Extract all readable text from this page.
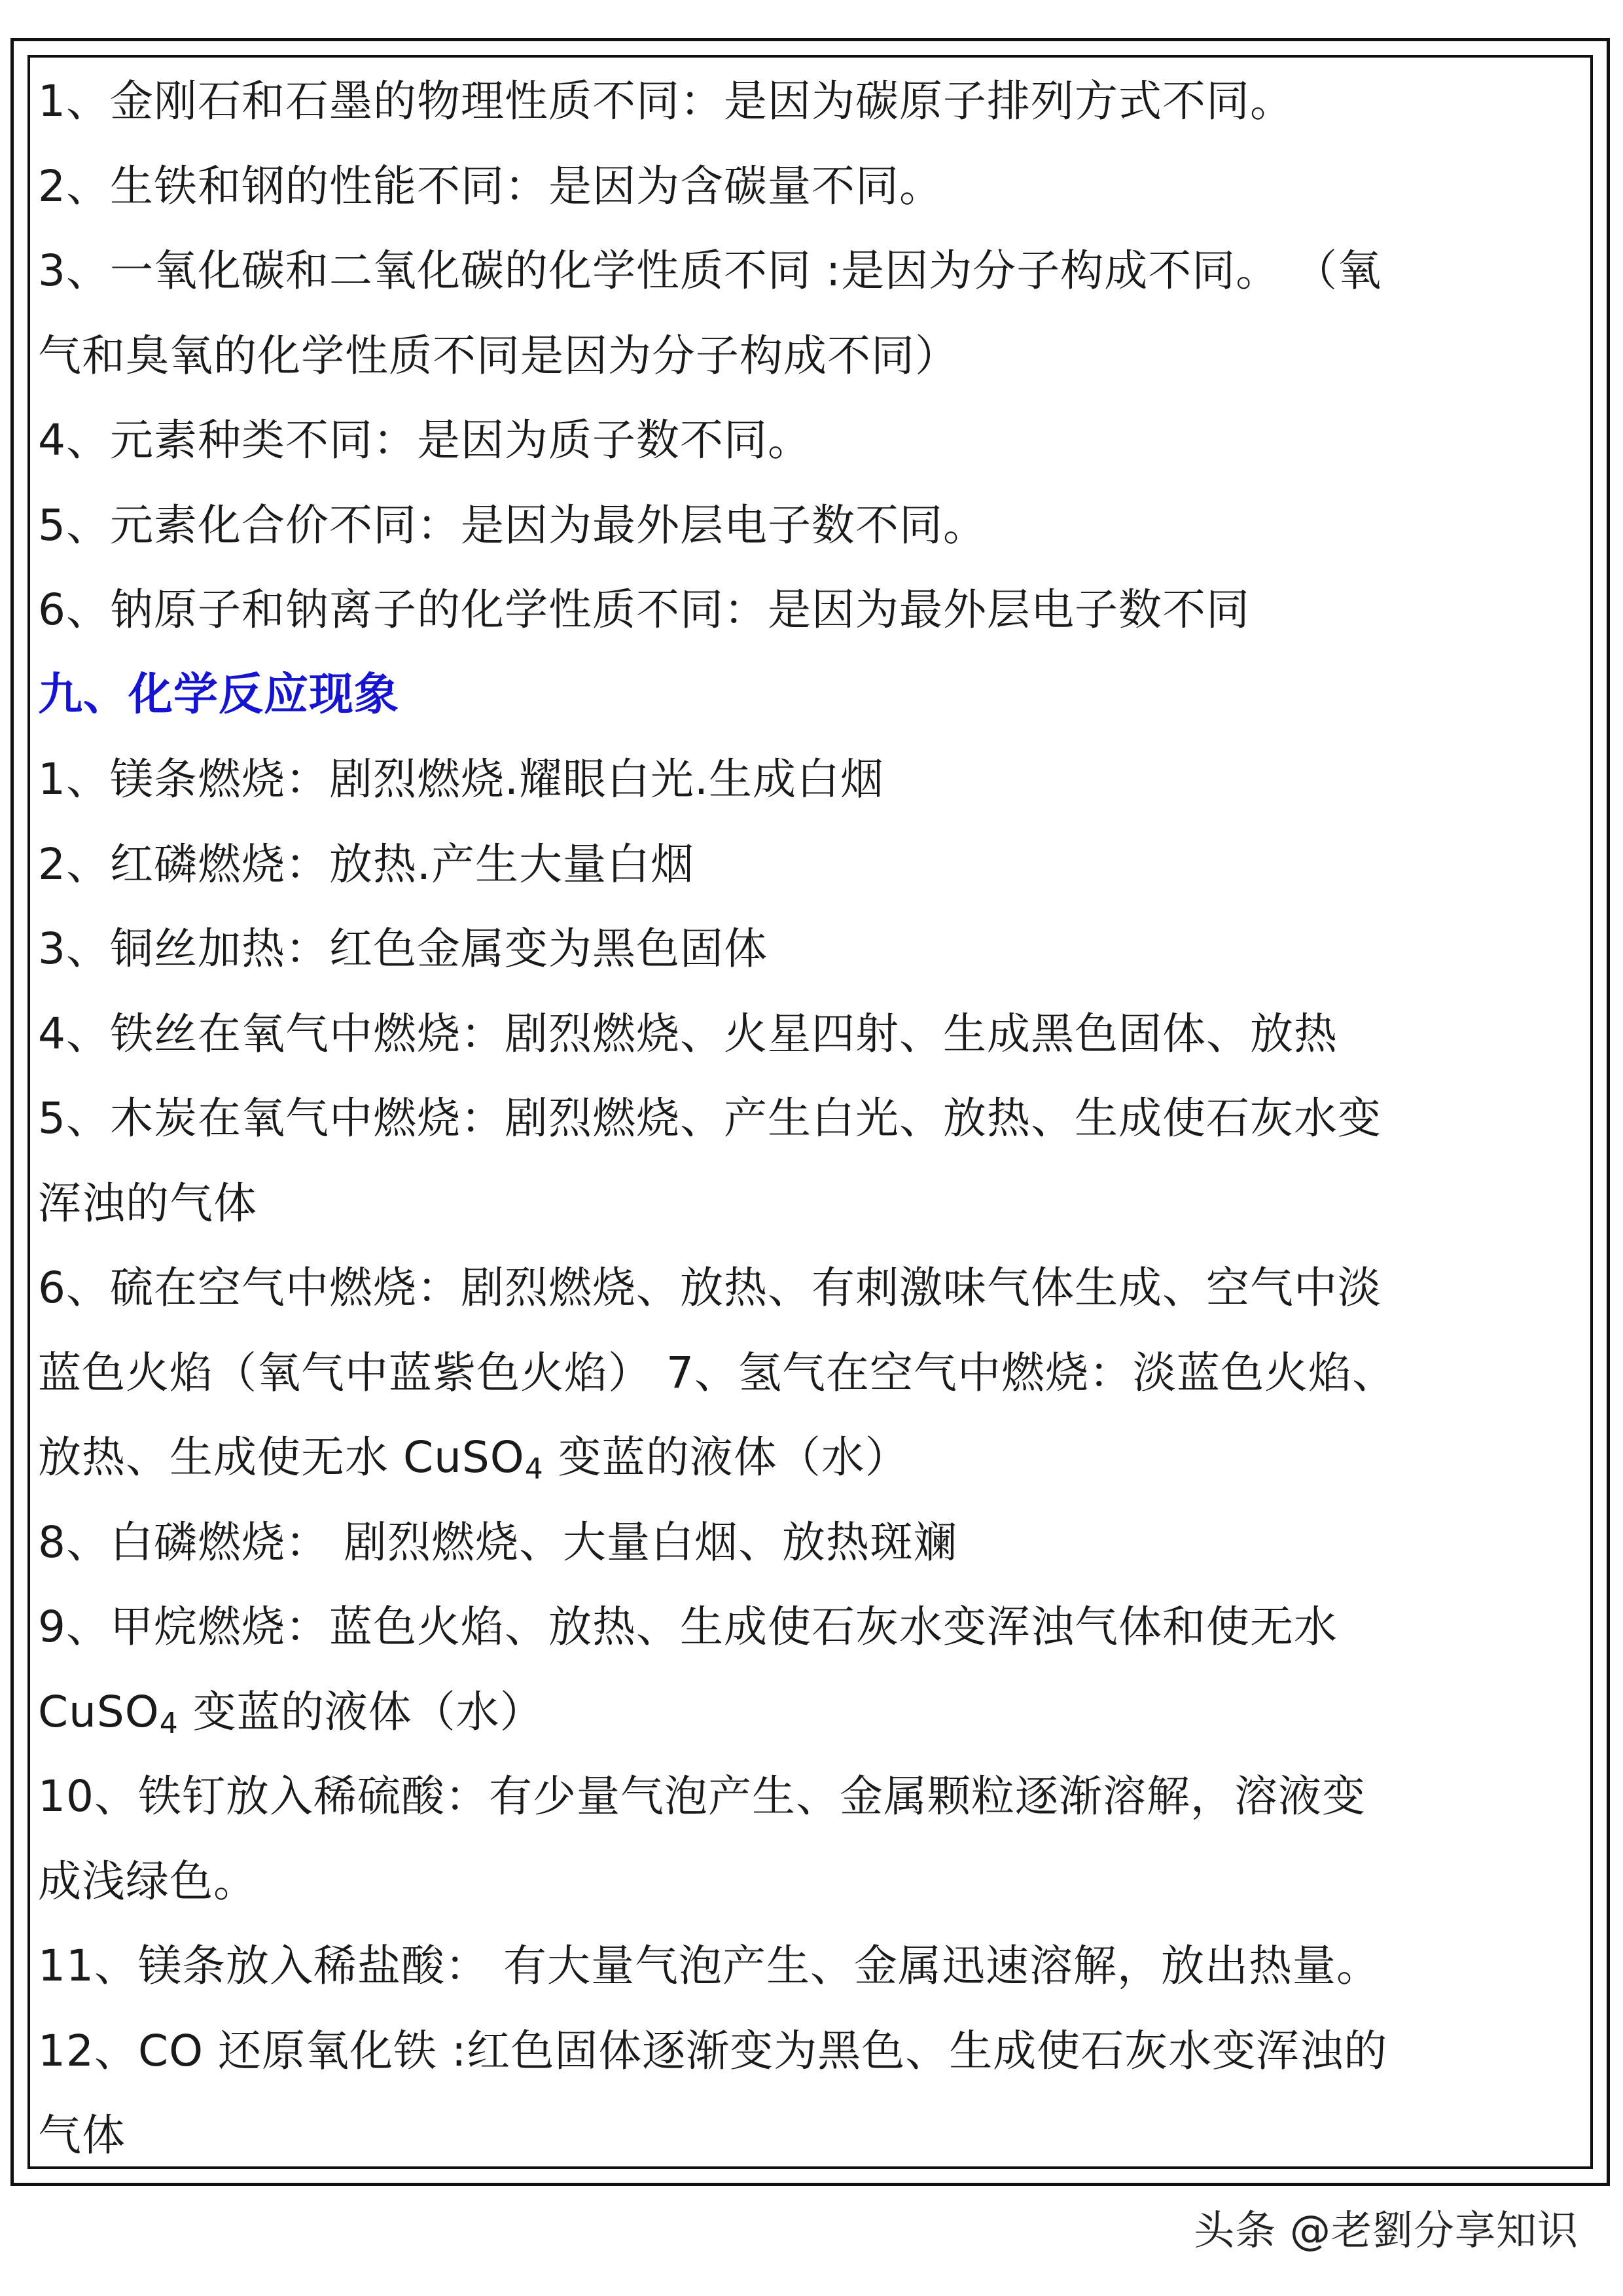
1、金刚石和石墨的物理性质不同：是因为碳原子排列方式不同。
2、生铁和钢的性能不同：是因为含碳量不同。
3、一氧化碳和二氧化碳的化学性质不同 :是因为分子构成不同。 （氧
气和臭氧的化学性质不同是因为分子构成不同）
4、元素种类不同：是因为质子数不同。
5、元素化合价不同：是因为最外层电子数不同。
6、钠原子和钠离子的化学性质不同：是因为最外层电子数不同
九、化学反应现象
1、镁条燃烧：剧烈燃烧.耀眼白光.生成白烟
2、红磷燃烧：放热.产生大量白烟
3、铜丝加热：红色金属变为黑色固体
4、铁丝在氧气中燃烧：剧烈燃烧、火星四射、生成黑色固体、放热
5、木炭在氧气中燃烧：剧烈燃烧、产生白光、放热、生成使石灰水变
浑浊的气体
6、硫在空气中燃烧：剧烈燃烧、放热、有刺激味气体生成、空气中淡
蓝色火焰（氧气中蓝紫色火焰） 7、氢气在空气中燃烧：淡蓝色火焰、
放热、生成使无水 CuSO$_4$ 变蓝的液体（水）
8、白磷燃烧： 剧烈燃烧、大量白烟、放热斑斓
9、甲烷燃烧：蓝色火焰、放热、生成使石灰水变浑浊气体和使无水
CuSO$_4$ 变蓝的液体（水）
10、铁钉放入稀硫酸：有少量气泡产生、金属颗粒逐渐溶解，溶液变
成浅绿色。
11、镁条放入稀盐酸： 有大量气泡产生、金属迅速溶解，放出热量。
12、CO 还原氧化铁 :红色固体逐渐变为黑色、生成使石灰水变浑浊的
气体
头条 @老劉分享知识
